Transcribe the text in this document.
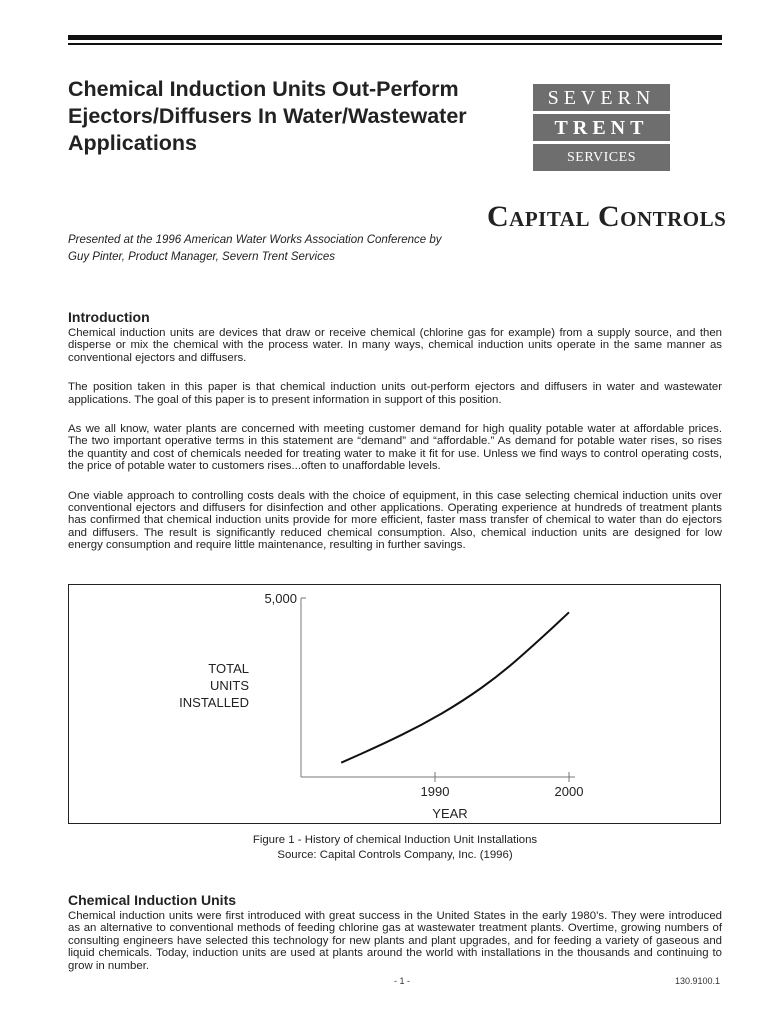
Chemical Induction Units Out-Perform Ejectors/Diffusers In Water/Wastewater Applications
SEVERN
TRENT
SERVICES
Capital Controls
Presented at the 1996 American Water Works Association Conference by
Guy Pinter, Product Manager, Severn Trent Services
Introduction

Chemical induction units are devices that draw or receive chemical (chlorine gas for example) from a supply source, and then disperse or mix the chemical with the process water. In many ways, chemical induction units operate in the same manner as conventional ejectors and diffusers.

The position taken in this paper is that chemical induction units out-perform ejectors and diffusers in water and wastewater applications. The goal of this paper is to present information in support of this position.

As we all know, water plants are concerned with meeting customer demand for high quality potable water at affordable prices. The two important operative terms in this statement are “demand” and “affordable.” As demand for potable water rises, so rises the quantity and cost of chemicals needed for treating water to make it fit for use. Unless we find ways to control operating costs, the price of potable water to customers rises...often to unaffordable levels.

One viable approach to controlling costs deals with the choice of equipment, in this case selecting chemical induction units over conventional ejectors and diffusers for disinfection and other applications. Operating experience at hundreds of treatment plants has confirmed that chemical induction units provide for more efficient, faster mass transfer of chemical to water than do ejectors and diffusers. The result is significantly reduced chemical consumption. Also, chemical induction units are designed for low energy consumption and require little maintenance, resulting in further savings.

5,000
1990	2000
YEAR
TOTAL
UNITS
INSTALLED
Figure 1 - History of chemical Induction Unit Installations
Source: Capital Controls Company, Inc. (1996)
Chemical Induction Units

Chemical induction units were first introduced with great success in the United States in the early 1980’s. They were introduced as an alternative to conventional methods of feeding chlorine gas at wastewater treatment plants. Overtime, growing numbers of consulting engineers have selected this technology for new plants and plant upgrades, and for feeding a variety of gaseous and liquid chemicals. Today, induction units are used at plants around the world with installations in the thousands and continuing to grow in number.

- 1 -	130.9100.1
